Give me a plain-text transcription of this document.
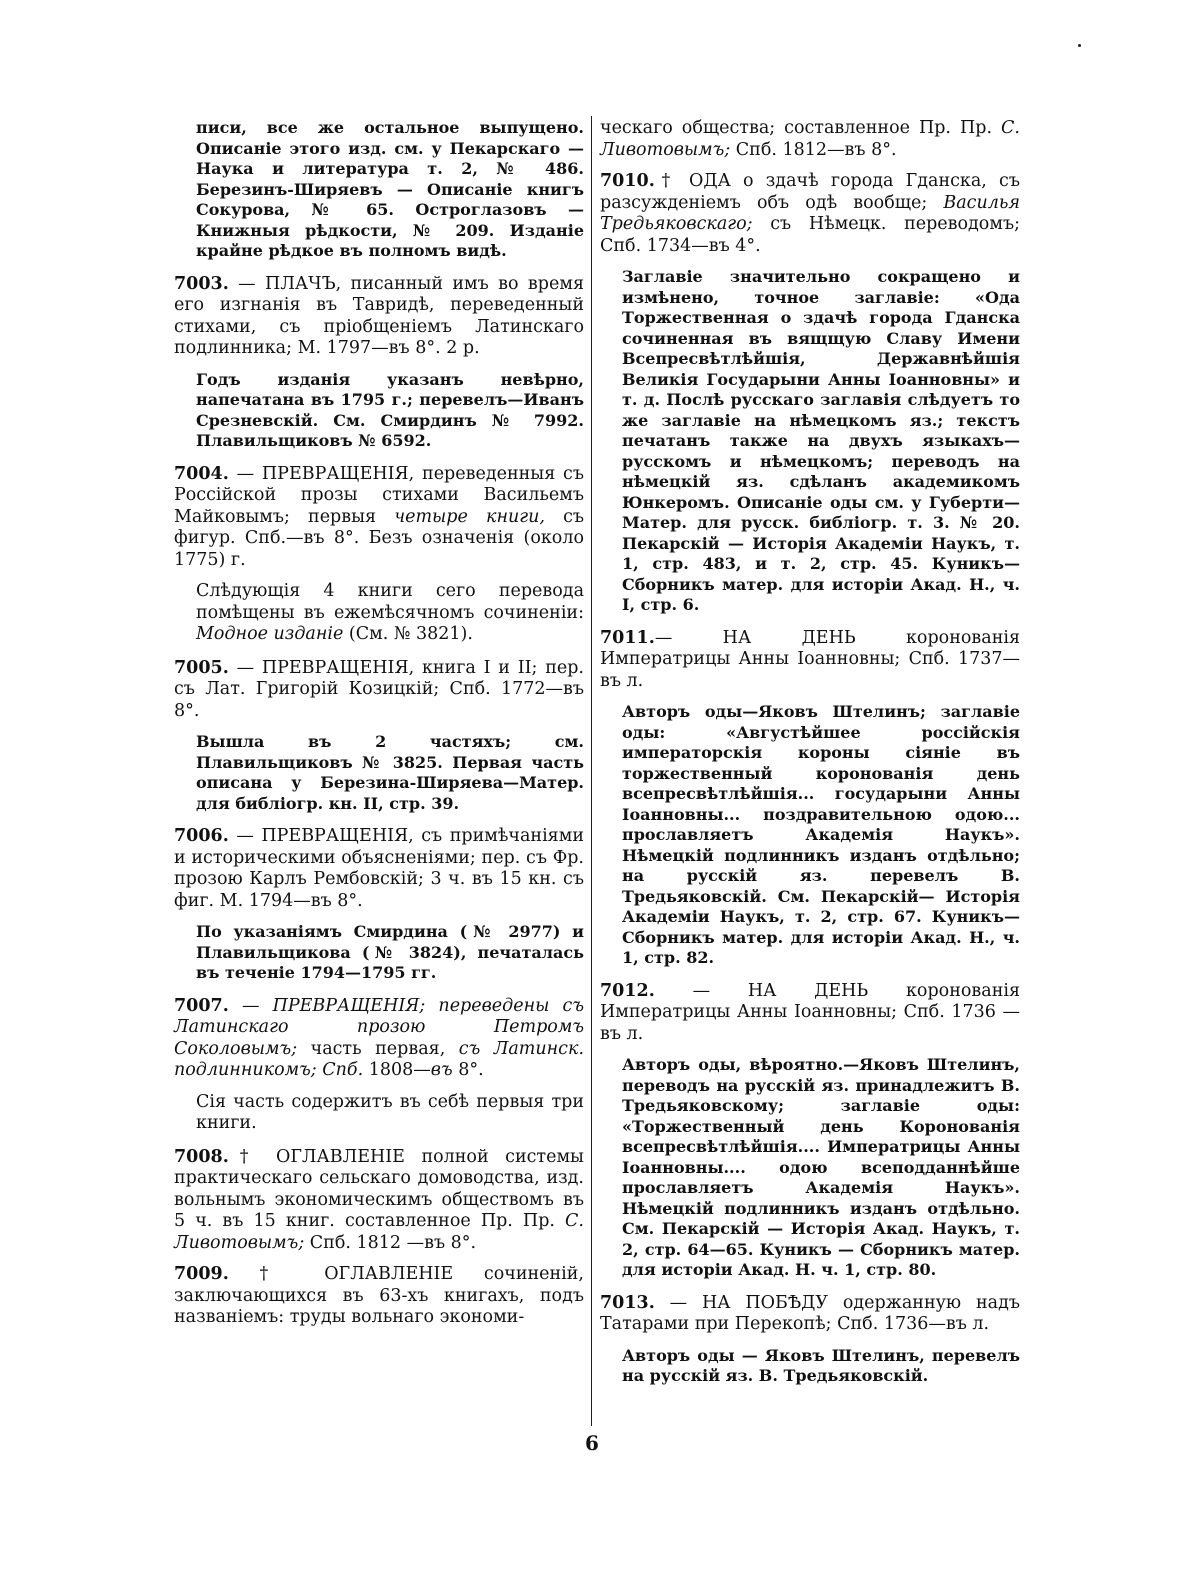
писи, все же остальное выпущено. Описаніе этого изд. см. у Пекарскаго — Наука и литература т. 2, № 486. Березинъ-Ширяевъ — Описаніе книгъ Сокурова, № 65. Остроглазовъ — Книжныя рѣдкости, № 209. Изданіе крайне рѣдкое въ полномъ видѣ.
7003. — ПЛАЧЪ, писанный имъ во время его изгнанія въ Тавридѣ, переведенный стихами, съ пріобщеніемъ Латинскаго подлинника; М. 1797—въ 8°. 2 р.
Годъ изданія указанъ невѣрно, напечатана въ 1795 г.; перевелъ—Иванъ Срезневскій. См. Смирдинъ № 7992. Плавильщиковъ № 6592.
7004. — ПРЕВРАЩЕНІЯ, переведенныя съ Россійской прозы стихами Васильемъ Майковымъ; первыя четыре книги, съ фигур. Спб.—въ 8°. Безъ означенія (около 1775) г.
Слѣдующія 4 книги сего перевода помѣщены въ ежемѣсячномъ сочиненіи: Модное изданіе (См. № 3821).
7005. — ПРЕВРАЩЕНІЯ, книга I и II; пер. съ Лат. Григорій Козицкій; Спб. 1772—въ 8°.
Вышла въ 2 частяхъ; см. Плавильщиковъ № 3825. Первая часть описана у Березина-Ширяева—Матер. для библіогр. кн. II, стр. 39.
7006. — ПРЕВРАЩЕНІЯ, съ примѣчаніями и историческими объясненіями; пер. съ Фр. прозою Карлъ Рембовскій; 3 ч. въ 15 кн. съ фиг. М. 1794—въ 8°.
По указаніямъ Смирдина (№ 2977) и Плавильщикова (№ 3824), печаталась въ теченіе 1794—1795 гг.
7007. — ПРЕВРАЩЕНІЯ; переведены съ Латинскаго прозою Петромъ Соколовымъ; часть первая, съ Латинск. подлинникомъ; Спб. 1808—въ 8°.
Сія часть содержитъ въ себѣ первыя три книги.
7008.† ОГЛАВЛЕНІЕ полной системы практическаго сельскаго домоводства, изд. вольнымъ экономическимъ обществомъ въ 5 ч. въ 15 книг. составленное Пр. Пр. С. Ливотовымъ; Спб. 1812 —въ 8°.
7009. † ОГЛАВЛЕНІЕ сочиненій, заключающихся въ 63-хъ книгахъ, подъ названіемъ: труды вольнаго экономи-
ческаго общества; составленное Пр. Пр. С. Ливотовымъ; Спб. 1812—въ 8°.
7010.† ОДА о здачѣ города Гданска, съ разсужденіемъ объ одѣ вообще; Василья Тредьяковскаго; съ Нѣмецк. переводомъ; Спб. 1734—въ 4°.
Заглавіе значительно сокращено и измѣнено, точное заглавіе: «Ода Торжественная о здачѣ города Гданска сочиненная въ вящщую Славу Имени Всепресвѣтлѣйшія, Державнѣйшія Великія Государыни Анны Іоанновны» и т. д. Послѣ русскаго заглавія слѣдуетъ то же заглавіе на нѣмецкомъ яз.; текстъ печатанъ также на двухъ языкахъ— русскомъ и нѣмецкомъ; переводъ на нѣмецкій яз. сдѣланъ академикомъ Юнкеромъ. Описаніе оды см. у Губерти— Матер. для русск. библіогр. т. 3. № 20. Пекарскій — Исторія Академіи Наукъ, т. 1, стр. 483, и т. 2, стр. 45. Куникъ— Сборникъ матер. для исторіи Акад. Н., ч. I, стр. 6.
7011.— НА ДЕНЬ коронованія Императрицы Анны Іоанновны; Спб. 1737— въ л.
Авторъ оды—Яковъ Штелинъ; заглавіе оды: «Августѣйшее россійскія императорскія короны сіяніе въ торжественный коронованія день всепресвѣтлѣйшія... государыни Анны Іоанновны... поздравительною одою... прославляетъ Академія Наукъ». Нѣмецкій подлинникъ изданъ отдѣльно; на русскій яз. перевелъ В. Тредьяковскій. См. Пекарскій— Исторія Академіи Наукъ, т. 2, стр. 67. Куникъ—Сборникъ матер. для исторіи Акад. Н., ч. 1, стр. 82.
7012. — НА ДЕНЬ коронованія Императрицы Анны Іоанновны; Спб. 1736 —въ л.
Авторъ оды, вѣроятно.—Яковъ Штелинъ, переводъ на русскій яз. принадлежитъ В. Тредьяковскому; заглавіе оды: «Торжественный день Коронованія всепресвѣтлѣйшія.... Императрицы Анны Іоанновны.... одою всеподданнѣйше прославляетъ Академія Наукъ». Нѣмецкій подлинникъ изданъ отдѣльно. См. Пекарскій — Исторія Акад. Наукъ, т. 2, стр. 64—65. Куникъ — Сборникъ матер. для исторіи Акад. Н. ч. 1, стр. 80.
7013. — НА ПОБѢДУ одержанную надъ Татарами при Перекопѣ; Спб. 1736—въ л.
Авторъ оды — Яковъ Штелинъ, перевелъ на русскій яз. В. Тредьяковскій.
6
